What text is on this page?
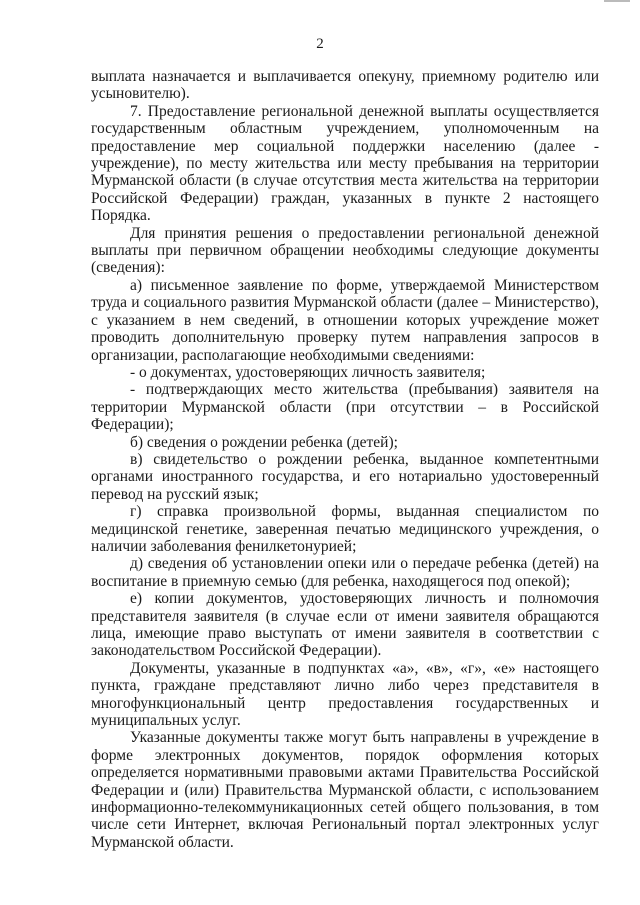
2

выплата назначается и выплачивается опекуну, приемному родителю или усыновителю).

7. Предоставление региональной денежной выплаты осуществляется государственным областным учреждением, уполномоченным на предоставление мер социальной поддержки населению (далее - учреждение), по месту жительства или месту пребывания на территории Мурманской области (в случае отсутствия места жительства на территории Российской Федерации) граждан, указанных в пункте 2 настоящего Порядка.

Для принятия решения о предоставлении региональной денежной выплаты при первичном обращении необходимы следующие документы (сведения):

а) письменное заявление по форме, утверждаемой Министерством труда и социального развития Мурманской области (далее – Министерство), с указанием в нем сведений, в отношении которых учреждение может проводить дополнительную проверку путем направления запросов в организации, располагающие необходимыми сведениями:

- о документах, удостоверяющих личность заявителя;

- подтверждающих место жительства (пребывания) заявителя на территории Мурманской области (при отсутствии – в Российской Федерации);

б) сведения о рождении ребенка (детей);

в) свидетельство о рождении ребенка, выданное компетентными органами иностранного государства, и его нотариально удостоверенный перевод на русский язык;

г) справка произвольной формы, выданная специалистом по медицинской генетике, заверенная печатью медицинского учреждения, о наличии заболевания фенилкетонурией;

д) сведения об установлении опеки или о передаче ребенка (детей) на воспитание в приемную семью (для ребенка, находящегося под опекой);

е) копии документов, удостоверяющих личность и полномочия представителя заявителя (в случае если от имени заявителя обращаются лица, имеющие право выступать от имени заявителя в соответствии с законодательством Российской Федерации).

Документы, указанные в подпунктах «а», «в», «г», «е» настоящего пункта, граждане представляют лично либо через представителя в многофункциональный центр предоставления государственных и муниципальных услуг.

Указанные документы также могут быть направлены в учреждение в форме электронных документов, порядок оформления которых определяется нормативными правовыми актами Правительства Российской Федерации и (или) Правительства Мурманской области, с использованием информационно-телекоммуникационных сетей общего пользования, в том числе сети Интернет, включая Региональный портал электронных услуг Мурманской области.
